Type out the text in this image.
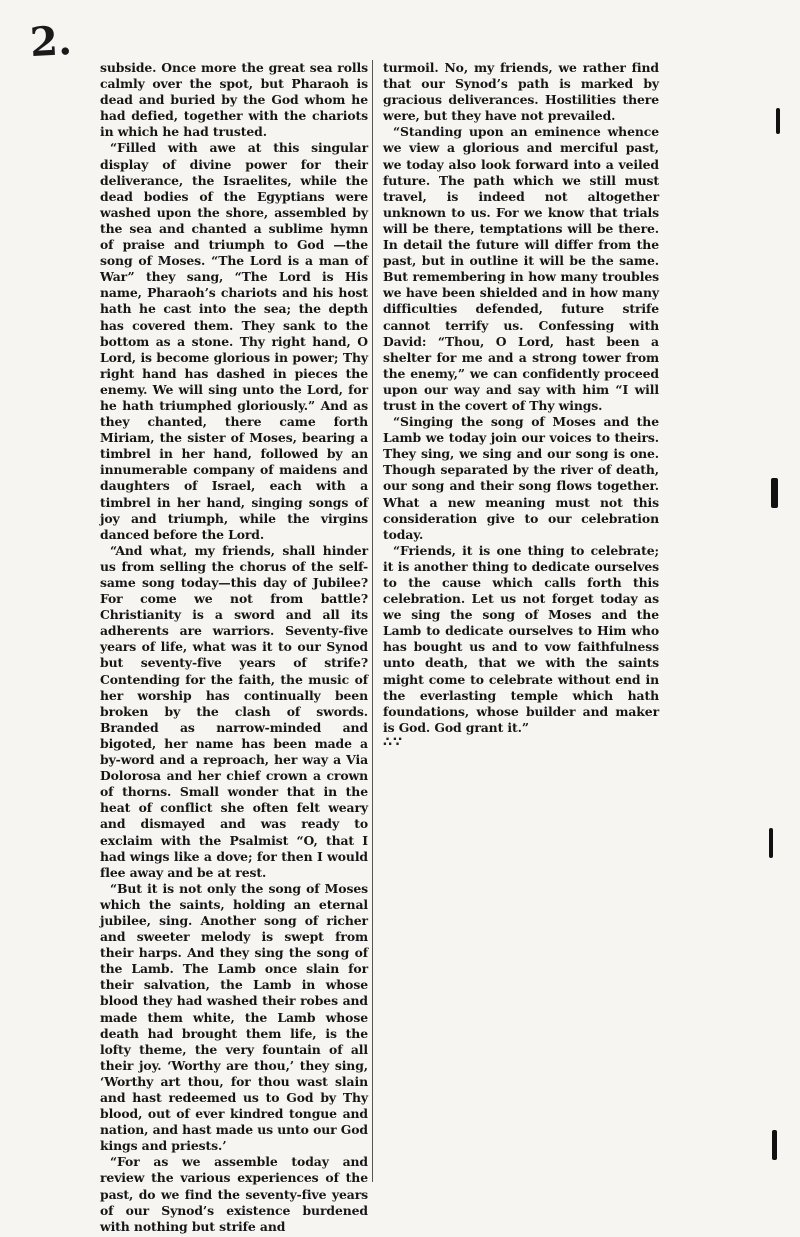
2.

subside. Once more the great sea rolls calmly over the spot, but Pharaoh is dead and buried by the God whom he had defied, together with the chariots in which he had trusted.

“Filled with awe at this singular display of divine power for their deliverance, the Israelites, while the dead bodies of the Egyptians were washed upon the shore, assembled by the sea and chanted a sublime hymn of praise and triumph to God —the song of Moses. “The Lord is a man of War” they sang, “The Lord is His name, Pharaoh’s chariots and his host hath he cast into the sea; the depth has covered them. They sank to the bottom as a stone. Thy right hand, O Lord, is become glorious in power; Thy right hand has dashed in pieces the enemy. We will sing unto the Lord, for he hath triumphed gloriously.” And as they chanted, there came forth Miriam, the sister of Moses, bearing a timbrel in her hand, followed by an innumerable company of maidens and daughters of Israel, each with a timbrel in her hand, singing songs of joy and triumph, while the virgins danced before the Lord.

“And what, my friends, shall hinder us from selling the chorus of the self-same song today—this day of Jubilee? For come we not from battle? Christianity is a sword and all its adherents are warriors. Seventy-five years of life, what was it to our Synod but seventy-five years of strife? Contending for the faith, the music of her worship has continually been broken by the clash of swords. Branded as narrow-minded and bigoted, her name has been made a by-word and a reproach, her way a Via Dolorosa and her chief crown a crown of thorns. Small wonder that in the heat of conflict she often felt weary and dismayed and was ready to exclaim with the Psalmist “O, that I had wings like a dove; for then I would flee away and be at rest.

“But it is not only the song of Moses which the saints, holding an eternal jubilee, sing. Another song of richer and sweeter melody is swept from their harps. And they sing the song of the Lamb. The Lamb once slain for their salvation, the Lamb in whose blood they had washed their robes and made them white, the Lamb whose death had brought them life, is the lofty theme, the very fountain of all their joy. ‘Worthy are thou,’ they sing, ‘Worthy art thou, for thou wast slain and hast redeemed us to God by Thy blood, out of ever kindred tongue and nation, and hast made us unto our God kings and priests.’

“For as we assemble today and review the various experiences of the past, do we find the seventy-five years of our Synod’s existence burdened with nothing but strife and

turmoil. No, my friends, we rather find that our Synod’s path is marked by gracious deliverances. Hostilities there were, but they have not prevailed.

“Standing upon an eminence whence we view a glorious and merciful past, we today also look forward into a veiled future. The path which we still must travel, is indeed not altogether unknown to us. For we know that trials will be there, temptations will be there. In detail the future will differ from the past, but in outline it will be the same. But remembering in how many troubles we have been shielded and in how many difficulties defended, future strife cannot terrify us. Confessing with David: “Thou, O Lord, hast been a shelter for me and a strong tower from the enemy,” we can confidently proceed upon our way and say with him “I will trust in the covert of Thy wings.

“Singing the song of Moses and the Lamb we today join our voices to theirs. They sing, we sing and our song is one. Though separated by the river of death, our song and their song flows together. What a new meaning must not this consideration give to our celebration today.

“Friends, it is one thing to celebrate; it is another thing to dedicate ourselves to the cause which calls forth this celebration. Let us not forget today as we sing the song of Moses and the Lamb to dedicate ourselves to Him who has bought us and to vow faithfulness unto death, that we with the saints might come to celebrate without end in the everlasting temple which hath foundations, whose builder and maker is God. God grant it.”

∴∵
